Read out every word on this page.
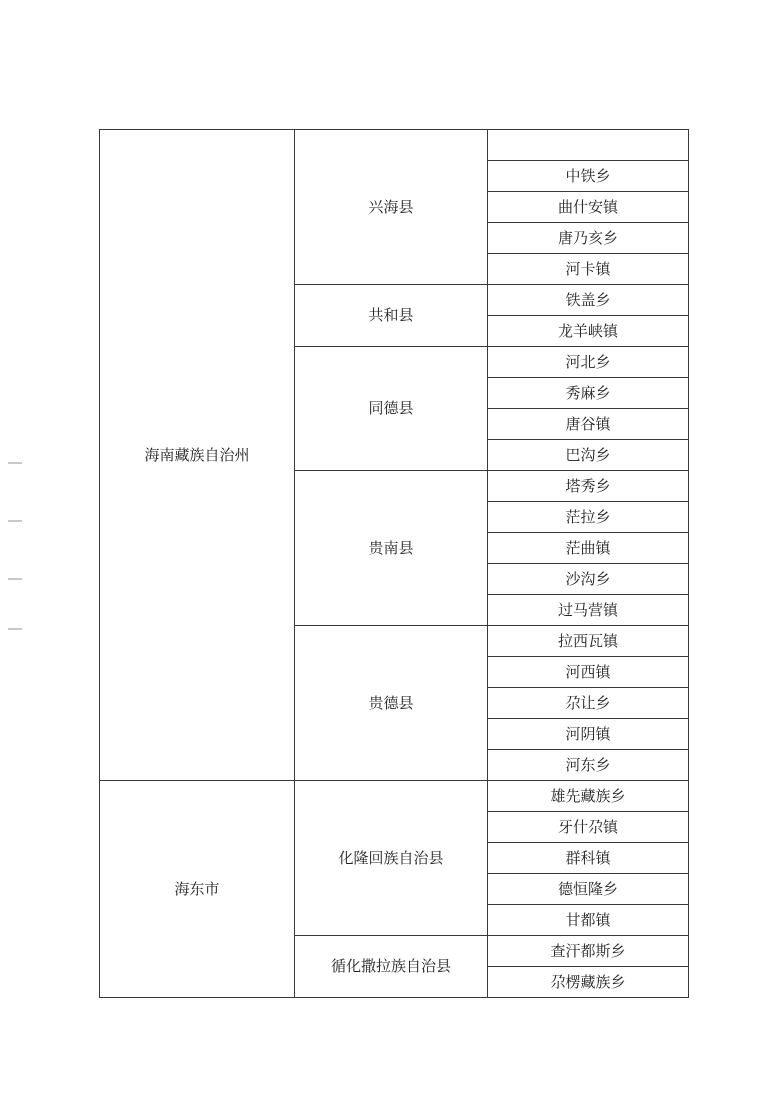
海南藏族自治州	兴海县	
		中铁乡
		曲什安镇
		唐乃亥乡
		河卡镇
	共和县	铁盖乡
		龙羊峡镇
	同德县	河北乡
		秀麻乡
		唐谷镇
		巴沟乡
	贵南县	塔秀乡
		茫拉乡
		茫曲镇
		沙沟乡
		过马营镇
	贵德县	拉西瓦镇
		河西镇
		尕让乡
		河阴镇
		河东乡
海东市	化隆回族自治县	雄先藏族乡
		牙什尕镇
		群科镇
		德恒隆乡
		甘都镇
	循化撒拉族自治县	查汗都斯乡
		尕楞藏族乡
